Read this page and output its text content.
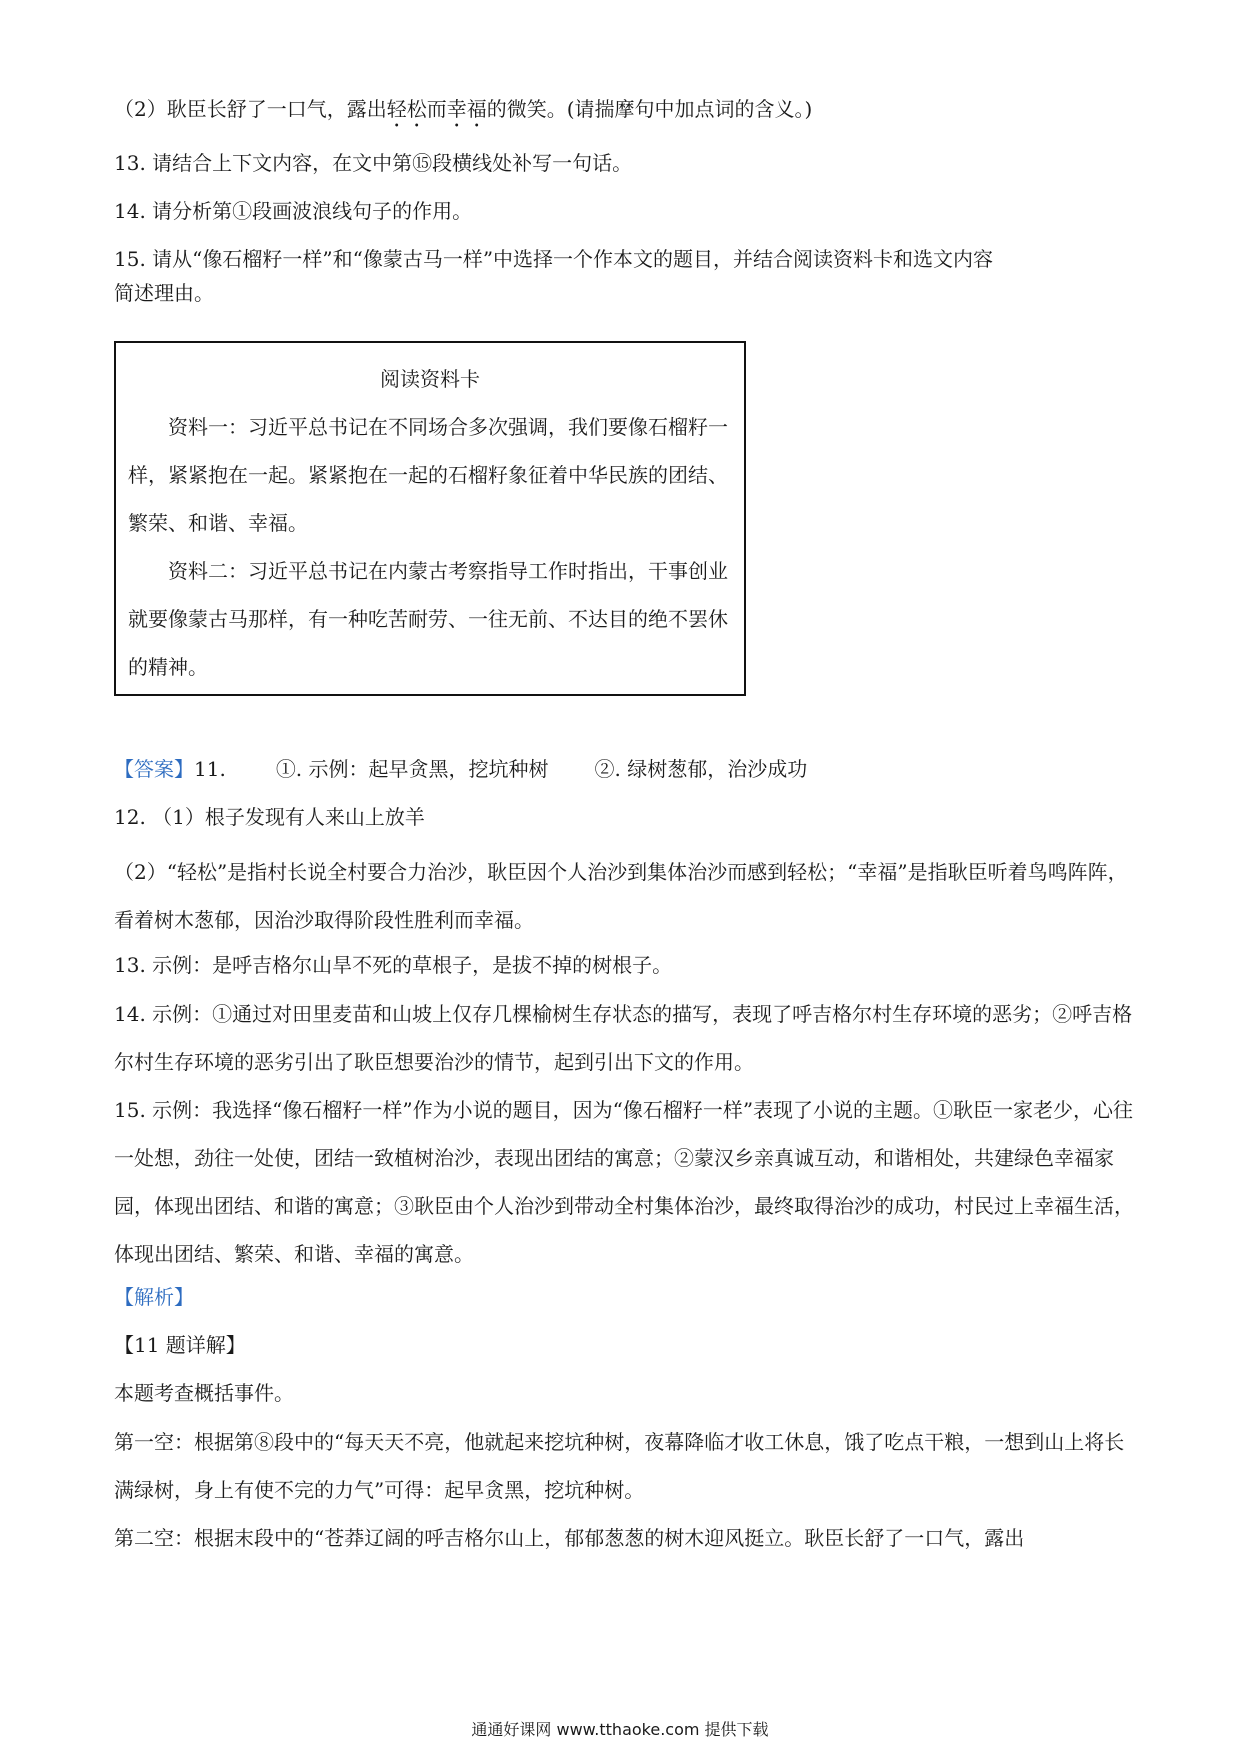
（2）耿臣长舒了一口气，露出轻松而幸福的微笑。(请揣摩句中加点词的含义。)

13. 请结合上下文内容，在文中第⑮段横线处补写一句话。

14. 请分析第①段画波浪线句子的作用。

15. 请从“像石榴籽一样”和“像蒙古马一样”中选择一个作本文的题目，并结合阅读资料卡和选文内容
简述理由。

阅读资料卡

资料一：习近平总书记在不同场合多次强调，我们要像石榴籽一样，紧紧抱在一起。紧紧抱在一起的石榴籽象征着中华民族的团结、繁荣、和谐、幸福。

资料二：习近平总书记在内蒙古考察指导工作时指出，干事创业就要像蒙古马那样，有一种吃苦耐劳、一往无前、不达目的绝不罢休的精神。

【答案】11.	①. 示例：起早贪黑，挖坑种树 ②. 绿树葱郁，治沙成功

12. （1）根子发现有人来山上放羊

（2）“轻松”是指村长说全村要合力治沙，耿臣因个人治沙到集体治沙而感到轻松；“幸福”是指耿臣听着鸟鸣阵阵，看着树木葱郁，因治沙取得阶段性胜利而幸福。

13. 示例：是呼吉格尔山旱不死的草根子，是拔不掉的树根子。

14. 示例：①通过对田里麦苗和山坡上仅存几棵榆树生存状态的描写，表现了呼吉格尔村生存环境的恶劣；②呼吉格尔村生存环境的恶劣引出了耿臣想要治沙的情节，起到引出下文的作用。

15. 示例：我选择“像石榴籽一样”作为小说的题目，因为“像石榴籽一样”表现了小说的主题。①耿臣一家老少，心往一处想，劲往一处使，团结一致植树治沙，表现出团结的寓意；②蒙汉乡亲真诚互动，和谐相处，共建绿色幸福家园，体现出团结、和谐的寓意；③耿臣由个人治沙到带动全村集体治沙，最终取得治沙的成功，村民过上幸福生活，体现出团结、繁荣、和谐、幸福的寓意。

【解析】

【11 题详解】

本题考查概括事件。

第一空：根据第⑧段中的“每天天不亮，他就起来挖坑种树，夜幕降临才收工休息，饿了吃点干粮，一想到山上将长满绿树，身上有使不完的力气”可得：起早贪黑，挖坑种树。

第二空：根据末段中的“苍莽辽阔的呼吉格尔山上，郁郁葱葱的树木迎风挺立。耿臣长舒了一口气，露出

通通好课网 www.tthaoke.com 提供下载
